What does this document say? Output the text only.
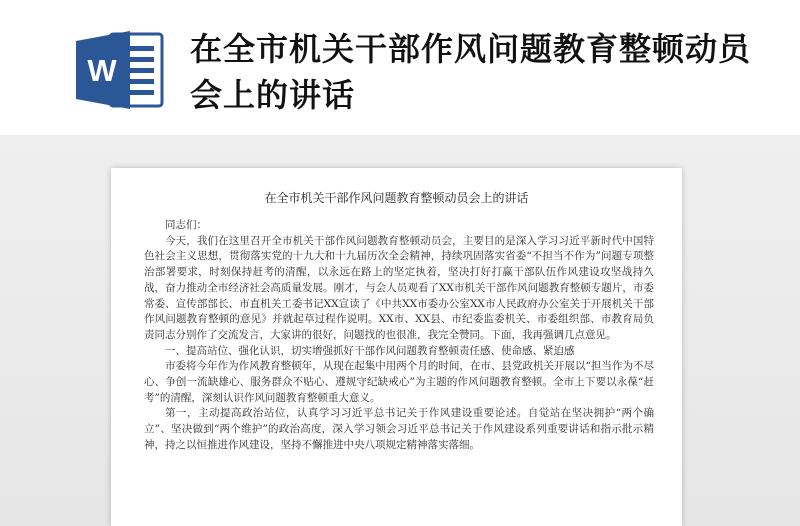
W
在全市机关干部作风问题教育整顿动员会上的讲话
在全市机关干部作风问题教育整顿动员会上的讲话

同志们：

今天，我们在这里召开全市机关干部作风问题教育整顿动员会，主要目的是深入学习习近平新时代中国特色社会主义思想，贯彻落实党的十九大和十九届历次全会精神，持续巩固落实省委“不担当不作为”问题专项整治部署要求，时刻保持赶考的清醒，以永远在路上的坚定执着，坚决打好打赢干部队伍作风建设攻坚战持久战，奋力推动全市经济社会高质量发展。刚才，与会人员观看了XX市机关干部作风问题教育整顿专题片，市委常委、宣传部部长、市直机关工委书记XX宣读了《中共XX市委办公室XX市人民政府办公室关于开展机关干部作风问题教育整顿的意见》并就起草过程作说明。XX市、XX县、市纪委监委机关、市委组织部、市教育局负责同志分别作了交流发言，大家讲的很好，问题找的也很准，我完全赞同。下面，我再强调几点意见。

一、提高站位、强化认识，切实增强抓好干部作风问题教育整顿责任感、使命感、紧迫感

市委将今年作为作风教育整顿年，从现在起集中用两个月的时间，在市、县党政机关开展以“担当作为不尽心、争创一流缺雄心、服务群众不贴心、遵规守纪缺戒心”为主题的作风问题教育整顿。全市上下要以永葆“赶考”的清醒，深刻认识作风问题教育整顿重大意义。

第一，主动提高政治站位，认真学习习近平总书记关于作风建设重要论述。自觉站在坚决拥护“两个确立”、坚决做到“两个维护”的政治高度，深入学习领会习近平总书记关于作风建设系列重要讲话和指示批示精神，持之以恒推进作风建设，坚持不懈推进中央八项规定精神落实落细。
